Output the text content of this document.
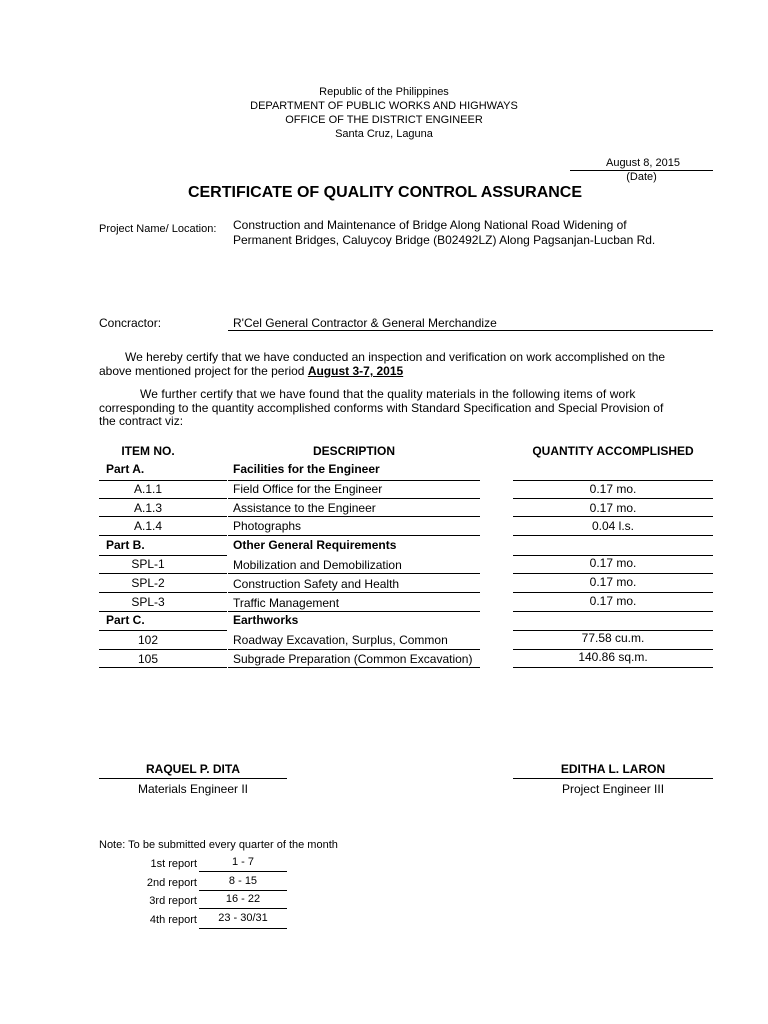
Republic of the Philippines
DEPARTMENT OF PUBLIC WORKS AND HIGHWAYS
OFFICE OF THE DISTRICT ENGINEER
Santa Cruz, Laguna
August 8, 2015
(Date)
CERTIFICATE OF QUALITY CONTROL ASSURANCE
Project Name/ Location: Construction and Maintenance of Bridge Along National Road Widening of
Permanent Bridges, Caluycoy Bridge (B02492LZ) Along Pagsanjan-Lucban Rd.
Concractor:	R'Cel General Contractor & General Merchandize
We hereby certify that we have conducted an inspection and verification on work accomplished on the
above mentioned project for the period August 3-7, 2015
We further certify that we have found that the quality materials in the following items of work
corresponding to the quantity accomplished conforms with Standard Specification and Special Provision of
the contract viz:
ITEM NO.	DESCRIPTION	QUANTITY ACCOMPLISHED
Part A.	Facilities for the Engineer
A.1.1	Field Office for the Engineer	0.17 mo.
A.1.3	Assistance to the Engineer	0.17 mo.
A.1.4	Photographs	0.04 l.s.
Part B.	Other General Requirements
SPL-1	Mobilization and Demobilization	0.17 mo.
SPL-2	Construction Safety and Health	0.17 mo.
SPL-3	Traffic Management	0.17 mo.
Part C.	Earthworks
102	Roadway Excavation, Surplus, Common	77.58 cu.m.
105	Subgrade Preparation (Common Excavation)	140.86 sq.m.
RAQUEL P. DITA
Materials Engineer II
EDITHA L. LARON
Project Engineer III
Note: To be submitted every quarter of the month
1st report	1 - 7
2nd report	8 - 15
3rd report	16 - 22
4th report	23 - 30/31
